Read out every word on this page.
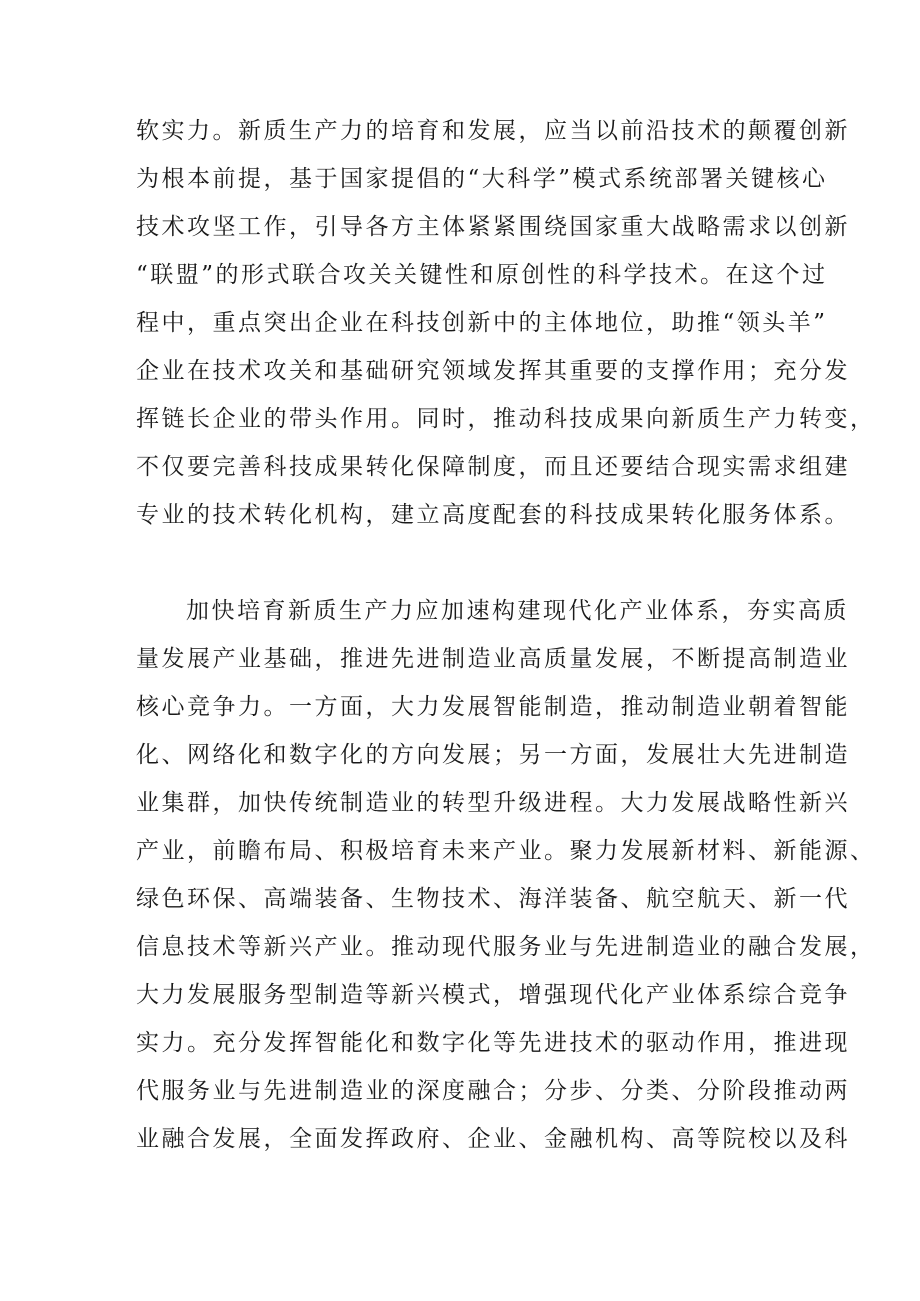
软实力。新质生产力的培育和发展，应当以前沿技术的颠覆创新

为根本前提，基于国家提倡的“大科学”模式系统部署关键核心

技术攻坚工作，引导各方主体紧紧围绕国家重大战略需求以创新

“联盟”的形式联合攻关关键性和原创性的科学技术。在这个过

程中，重点突出企业在科技创新中的主体地位，助推“领头羊”

企业在技术攻关和基础研究领域发挥其重要的支撑作用；充分发

挥链长企业的带头作用。同时，推动科技成果向新质生产力转变，

不仅要完善科技成果转化保障制度，而且还要结合现实需求组建

专业的技术转化机构，建立高度配套的科技成果转化服务体系。

加快培育新质生产力应加速构建现代化产业体系，夯实高质

量发展产业基础，推进先进制造业高质量发展，不断提高制造业

核心竞争力。一方面，大力发展智能制造，推动制造业朝着智能

化、网络化和数字化的方向发展；另一方面，发展壮大先进制造

业集群，加快传统制造业的转型升级进程。大力发展战略性新兴

产业，前瞻布局、积极培育未来产业。聚力发展新材料、新能源、

绿色环保、高端装备、生物技术、海洋装备、航空航天、新一代

信息技术等新兴产业。推动现代服务业与先进制造业的融合发展，

大力发展服务型制造等新兴模式，增强现代化产业体系综合竞争

实力。充分发挥智能化和数字化等先进技术的驱动作用，推进现

代服务业与先进制造业的深度融合；分步、分类、分阶段推动两

业融合发展，全面发挥政府、企业、金融机构、高等院校以及科
